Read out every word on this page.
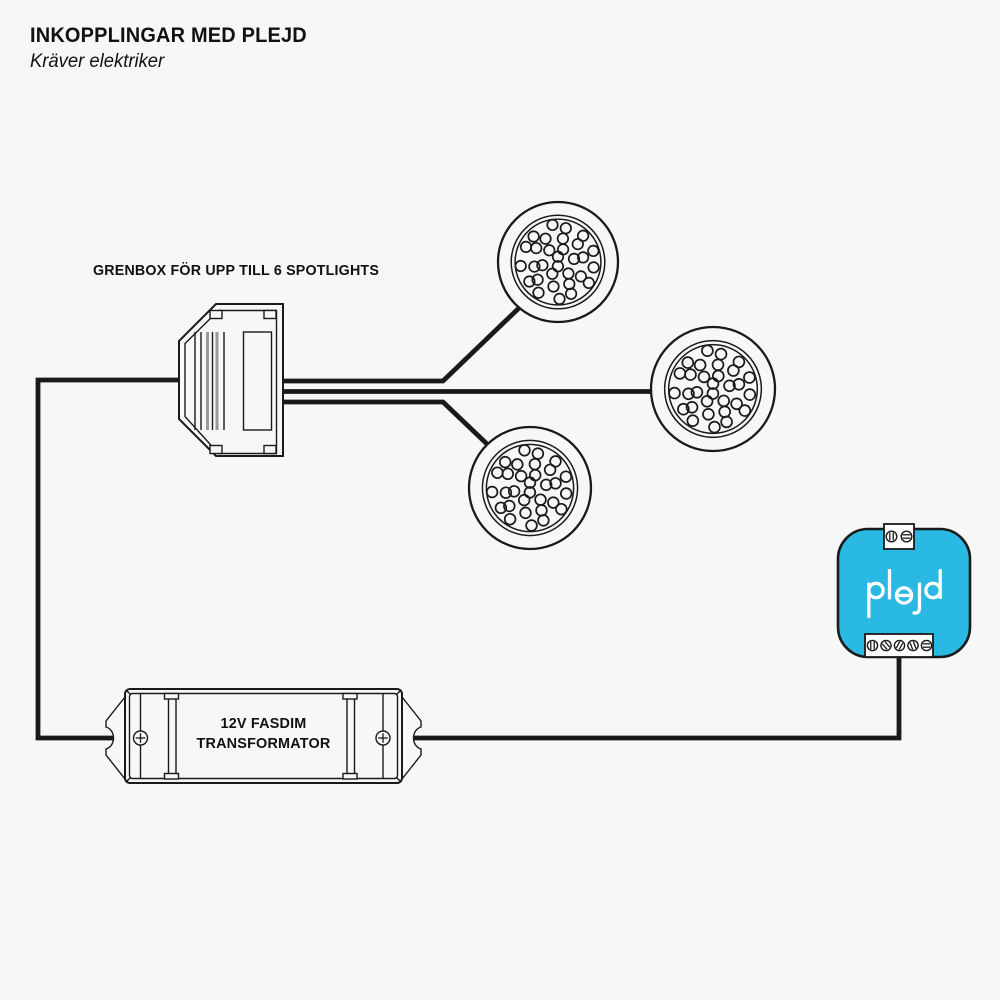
INKOPPLINGAR MED PLEJD

Kräver elektriker

GRENBOX FÖR UPP TILL 6 SPOTLIGHTS
12V FASDIM
TRANSFORMATOR
